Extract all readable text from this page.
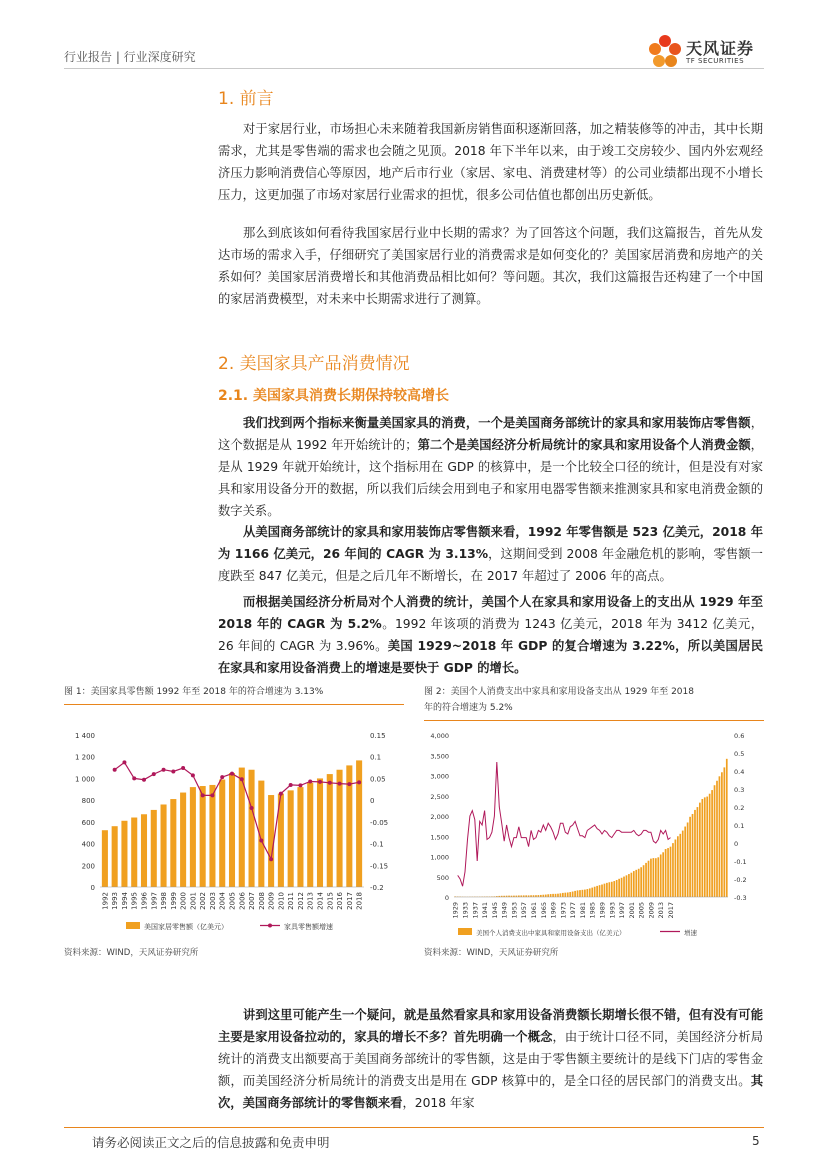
行业报告 | 行业深度研究	天风证券
TF SECURITIES
1. 前言
对于家居行业，市场担心未来随着我国新房销售面积逐渐回落，加之精装修等的冲击，其中长期需求，尤其是零售端的需求也会随之见顶。2018 年下半年以来，由于竣工交房较少、国内外宏观经济压力影响消费信心等原因，地产后市行业（家居、家电、消费建材等）的公司业绩都出现不小增长压力，这更加强了市场对家居行业需求的担忧，很多公司估值也都创出历史新低。
那么到底该如何看待我国家居行业中长期的需求？为了回答这个问题，我们这篇报告，首先从发达市场的需求入手，仔细研究了美国家居行业的消费需求是如何变化的？美国家居消费和房地产的关系如何？美国家居消费增长和其他消费品相比如何？等问题。其次，我们这篇报告还构建了一个中国的家居消费模型，对未来中长期需求进行了测算。
2. 美国家具产品消费情况
2.1. 美国家具消费长期保持较高增长
我们找到两个指标来衡量美国家具的消费，一个是美国商务部统计的家具和家用装饰店零售额，这个数据是从 1992 年开始统计的；第二个是美国经济分析局统计的家具和家用设备个人消费金额，是从 1929 年就开始统计，这个指标用在 GDP 的核算中，是一个比较全口径的统计，但是没有对家具和家用设备分开的数据，所以我们后续会用到电子和家用电器零售额来推测家具和家电消费金额的数字关系。
从美国商务部统计的家具和家用装饰店零售额来看，1992 年零售额是 523 亿美元，2018 年为 1166 亿美元，26 年间的 CAGR 为 3.13%，这期间受到 2008 年金融危机的影响，零售额一度跌至 847 亿美元，但是之后几年不断增长，在 2017 年超过了 2006 年的高点。
而根据美国经济分析局对个人消费的统计，美国个人在家具和家用设备上的支出从 1929 年至 2018 年的 CAGR 为 5.2%。1992 年该项的消费为 1243 亿美元，2018 年为 3412 亿美元，26 年间的 CAGR 为 3.96%。美国 1929~2018 年 GDP 的复合增速为 3.22%，所以美国居民在家具和家用设备消费上的增速是要快于 GDP 的增长。
图 1：美国家具零售额 1992 年至 2018 年的符合增速为 3.13%
0
200
400
600
800
1 000
1 200
1 400
-0.2
-0.15
-0.1
-0.05
0
0.05
0.1
0.15
1992 1993 1994 1995 1996 1997 1998 1999 2000 2001 2002 2003 2004 2005 2006 2007 2008 2009 2010 2011 2012 2013 2014 2015 2016 2017 2018
美国家居零售额（亿美元）	家具零售额增速
资料来源：WIND，天风证券研究所
图 2：美国个人消费支出中家具和家用设备支出从 1929 年至 2018
年的符合增速为 5.2%
0
500
1,000
1,500
2,000
2,500
3,000
3,500
4,000
-0.3
-0.2
-0.1
0
0.1
0.2
0.3
0.4
0.5
0.6
1929 1933 1937 1941 1945 1949 1953 1957 1961 1965 1969 1973 1977 1981 1985 1989 1993 1997 2001 2005 2009 2013 2017
美国个人消费支出中家具和家用设备支出（亿美元）	增速
资料来源：WIND，天风证券研究所
讲到这里可能产生一个疑问，就是虽然看家具和家用设备消费额长期增长很不错，但有没有可能主要是家用设备拉动的，家具的增长不多？首先明确一个概念，由于统计口径不同，美国经济分析局统计的消费支出额要高于美国商务部统计的零售额，这是由于零售额主要统计的是线下门店的零售金额，而美国经济分析局统计的消费支出是用在 GDP 核算中的，是全口径的居民部门的消费支出。其次，美国商务部统计的零售额来看，2018 年家
请务必阅读正文之后的信息披露和免责申明	5
